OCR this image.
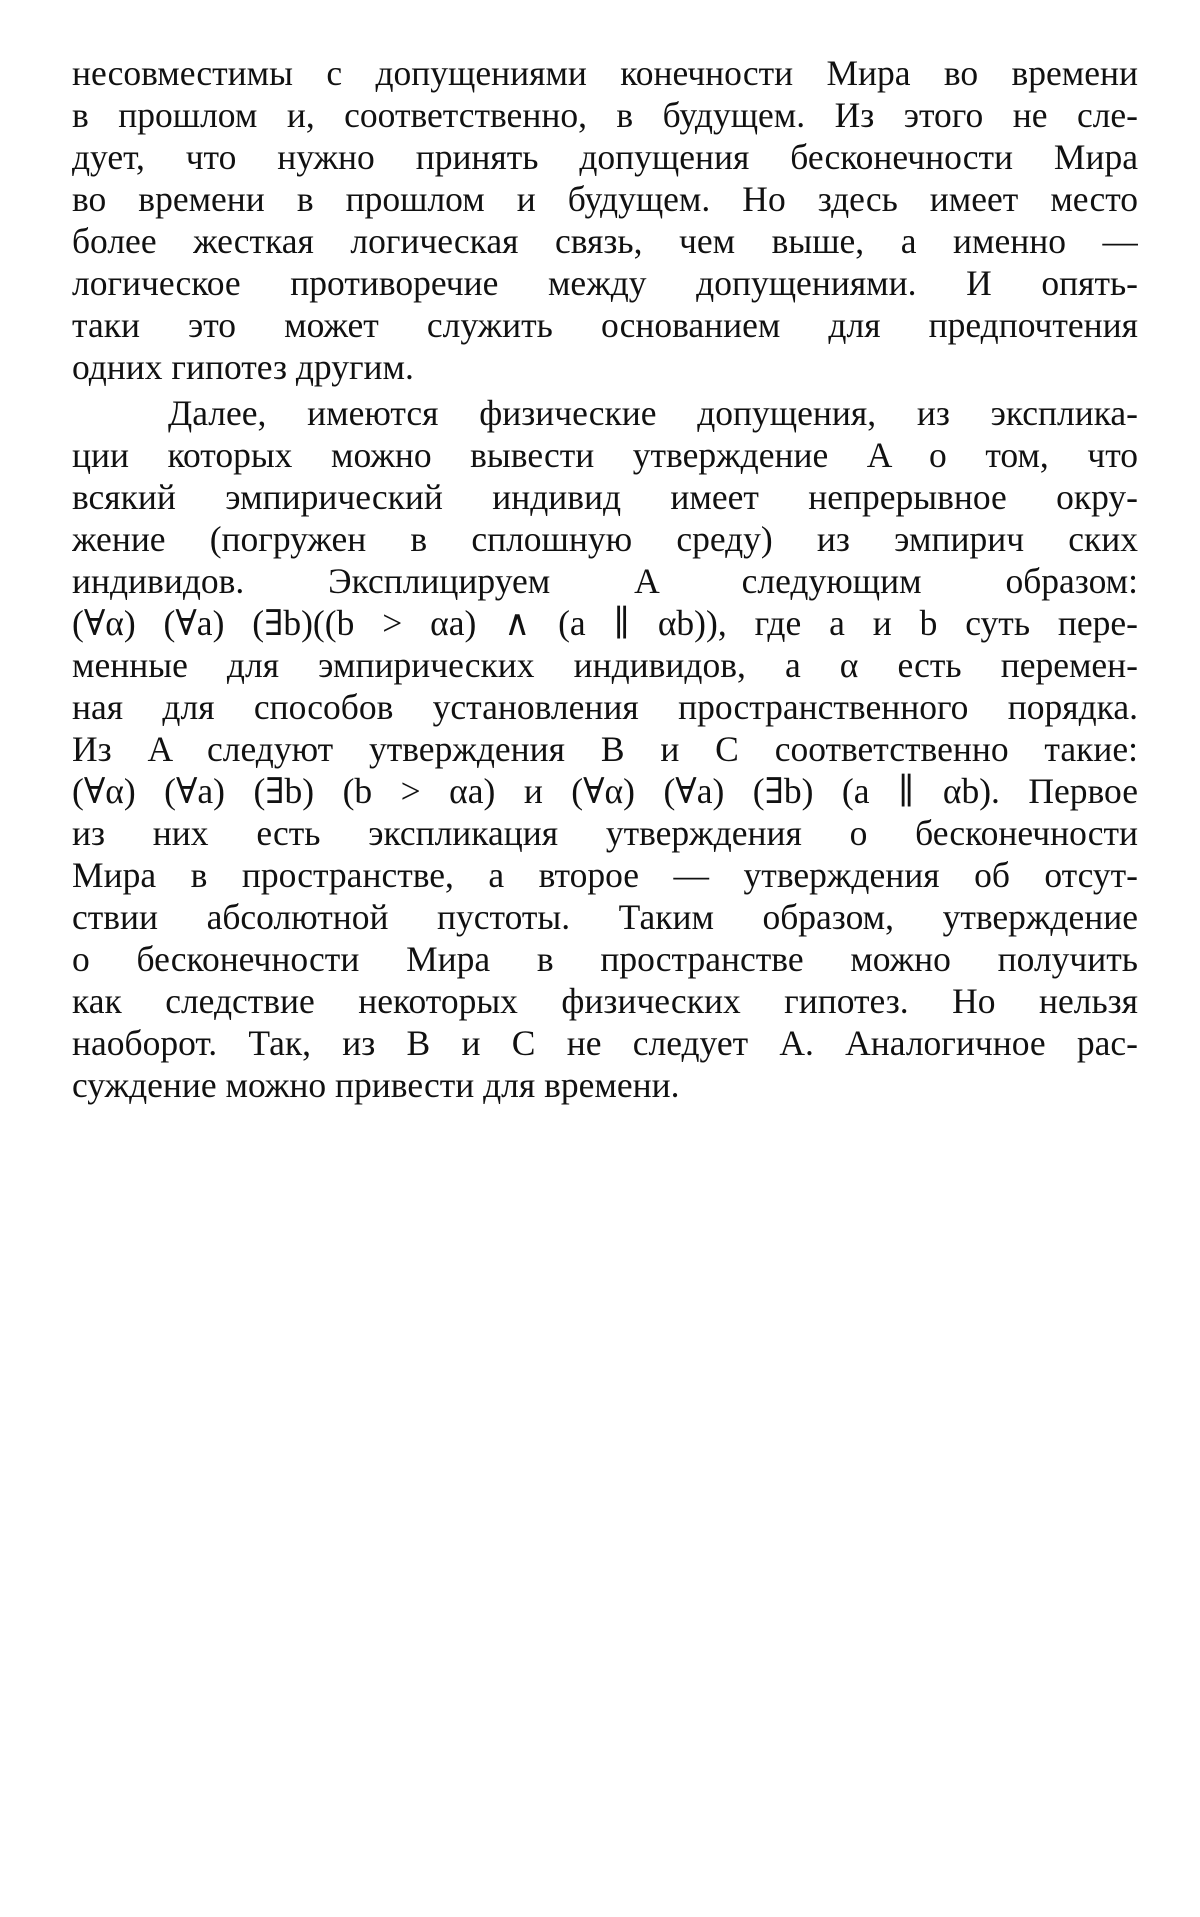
несовместимы с допущениями конечности Мира во времени
в прошлом и, соответственно, в будущем. Из этого не сле-
дует, что нужно принять допущения бесконечности Мира
во времени в прошлом и будущем. Но здесь имеет место
более жесткая логическая связь, чем выше, а именно —
логическое противоречие между допущениями. И опять-
таки это может служить основанием для предпочтения
одних гипотез другим.
Далее, имеются физические допущения, из эксплика-
ции которых можно вывести утверждение A о том, что
всякий эмпирический индивид имеет непрерывное окру-
жение (погружен в сплошную среду) из эмпирич ских
индивидов. Эксплицируем A следующим образом:
(∀α) (∀a) (∃b)((b > αa) ∧ (a ∥ αb)), где a и b суть пере-
менные для эмпирических индивидов, а α есть перемен-
ная для способов установления пространственного порядка.
Из A следуют утверждения B и C соответственно такие:
(∀α) (∀a) (∃b) (b > αa) и (∀α) (∀a) (∃b) (a ∥ αb). Первое
из них есть экспликация утверждения о бесконечности
Мира в пространстве, а второе — утверждения об отсут-
ствии абсолютной пустоты. Таким образом, утверждение
о бесконечности Мира в пространстве можно получить
как следствие некоторых физических гипотез. Но нельзя
наоборот. Так, из B и C не следует A. Аналогичное рас-
суждение можно привести для времени.
